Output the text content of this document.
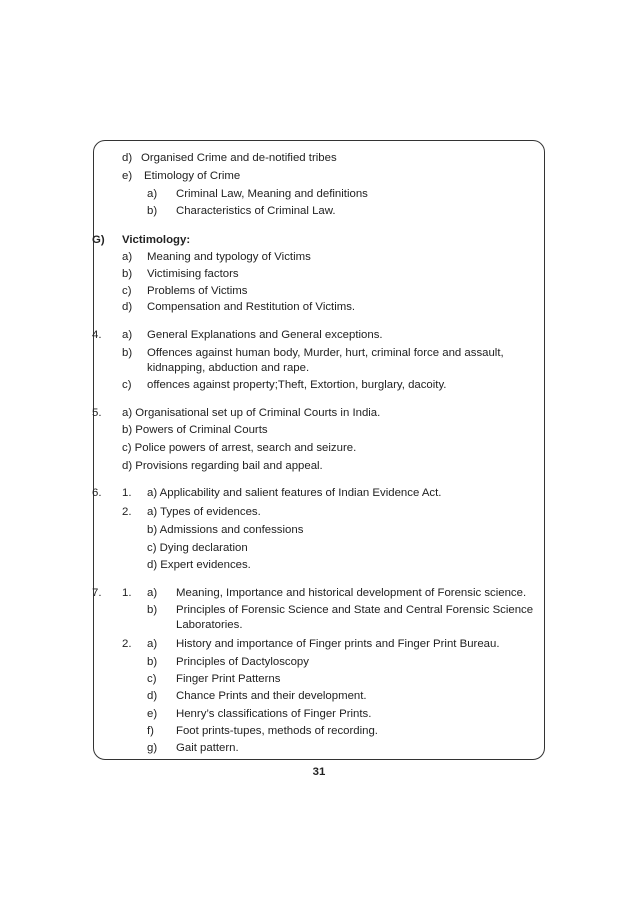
d) Organised Crime and de-notified tribes
e) Etimology of Crime
a) Criminal Law, Meaning and definitions
b) Characteristics of Criminal Law.
G) Victimology:
a) Meaning and typology of Victims
b) Victimising factors
c) Problems of Victims
d) Compensation and Restitution of Victims.
4. a) General Explanations and General exceptions.
b) Offences against human body, Murder, hurt, criminal force and assault,
kidnapping, abduction and rape.
c) offences against property;Theft, Extortion, burglary, dacoity.
5. a) Organisational set up of Criminal Courts in India.
b) Powers of Criminal Courts
c) Police powers of arrest, search and seizure.
d) Provisions regarding bail and appeal.
6. 1. a) Applicability and salient features of Indian Evidence Act.
2. a) Types of evidences.
b) Admissions and confessions
c) Dying declaration
d) Expert evidences.
7. 1. a) Meaning, Importance and historical development of Forensic science.
b) Principles of Forensic Science and State and Central Forensic Science
Laboratories.
2. a) History and importance of Finger prints and Finger Print Bureau.
b) Principles of Dactyloscopy
c) Finger Print Patterns
d) Chance Prints and their development.
e) Henry’s classifications of Finger Prints.
f) Foot prints-tupes, methods of recording.
g) Gait pattern.
31
